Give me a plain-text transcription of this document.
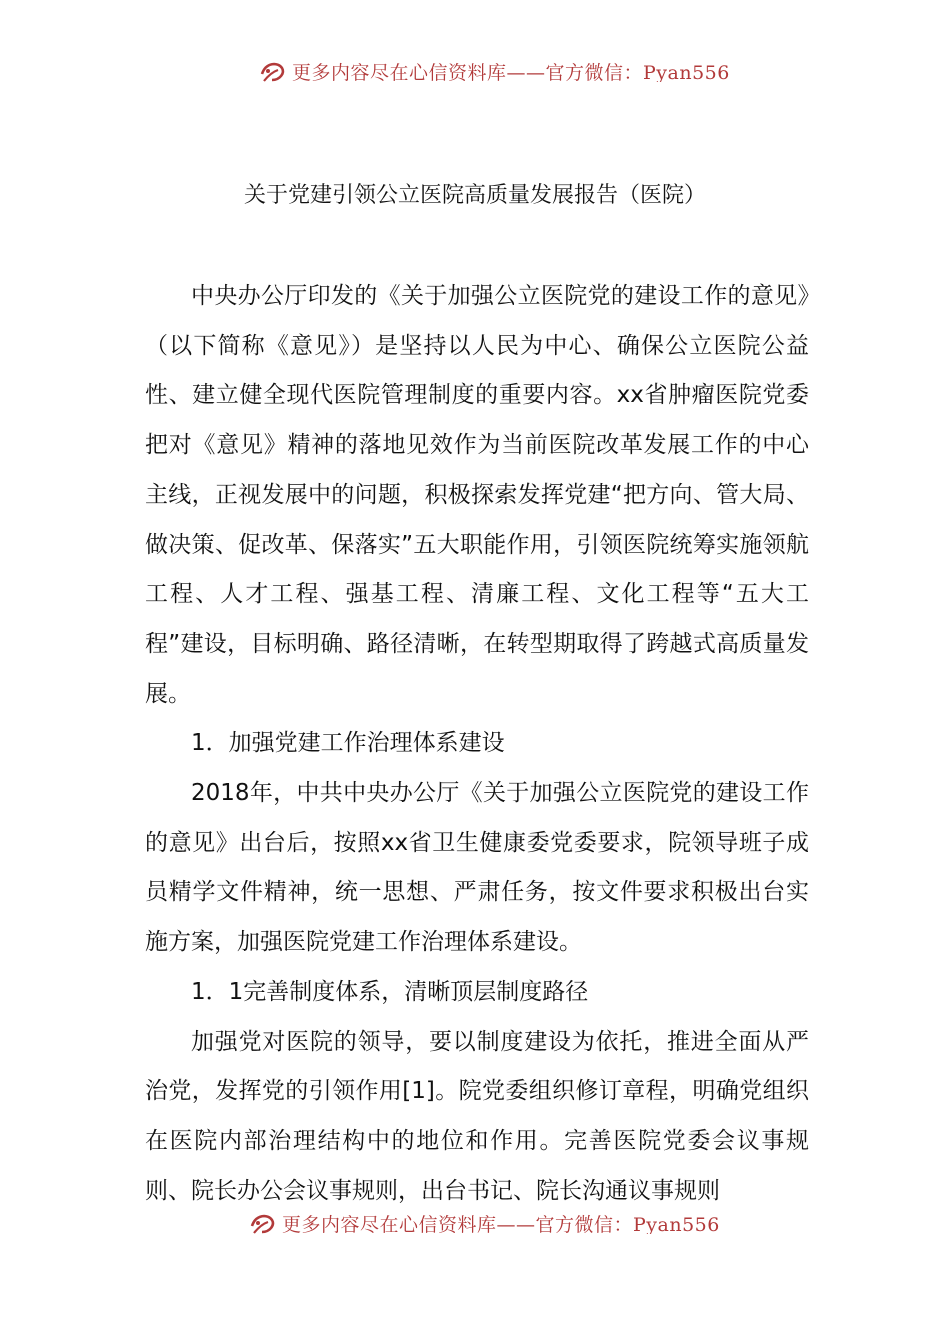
更多内容尽在心信资料库——官方微信：Pyan556
关于党建引领公立医院高质量发展报告（医院）

中央办公厅印发的《关于加强公立医院党的建设工作的意见》（以下简称《意见》）是坚持以人民为中心、确保公立医院公益性、建立健全现代医院管理制度的重要内容。xx省肿瘤医院党委把对《意见》精神的落地见效作为当前医院改革发展工作的中心主线，正视发展中的问题，积极探索发挥党建“把方向、管大局、做决策、促改革、保落实”五大职能作用，引领医院统筹实施领航工程、人才工程、强基工程、清廉工程、文化工程等“五大工程”建设，目标明确、路径清晰，在转型期取得了跨越式高质量发展。

1．加强党建工作治理体系建设

2018年，中共中央办公厅《关于加强公立医院党的建设工作的意见》出台后，按照xx省卫生健康委党委要求，院领导班子成员精学文件精神，统一思想、严肃任务，按文件要求积极出台实施方案，加强医院党建工作治理体系建设。

1．1完善制度体系，清晰顶层制度路径

加强党对医院的领导，要以制度建设为依托，推进全面从严治党，发挥党的引领作用[1]。院党委组织修订章程，明确党组织在医院内部治理结构中的地位和作用。完善医院党委会议事规则、院长办公会议事规则，出台书记、院长沟通议事规则

更多内容尽在心信资料库——官方微信：Pyan556
